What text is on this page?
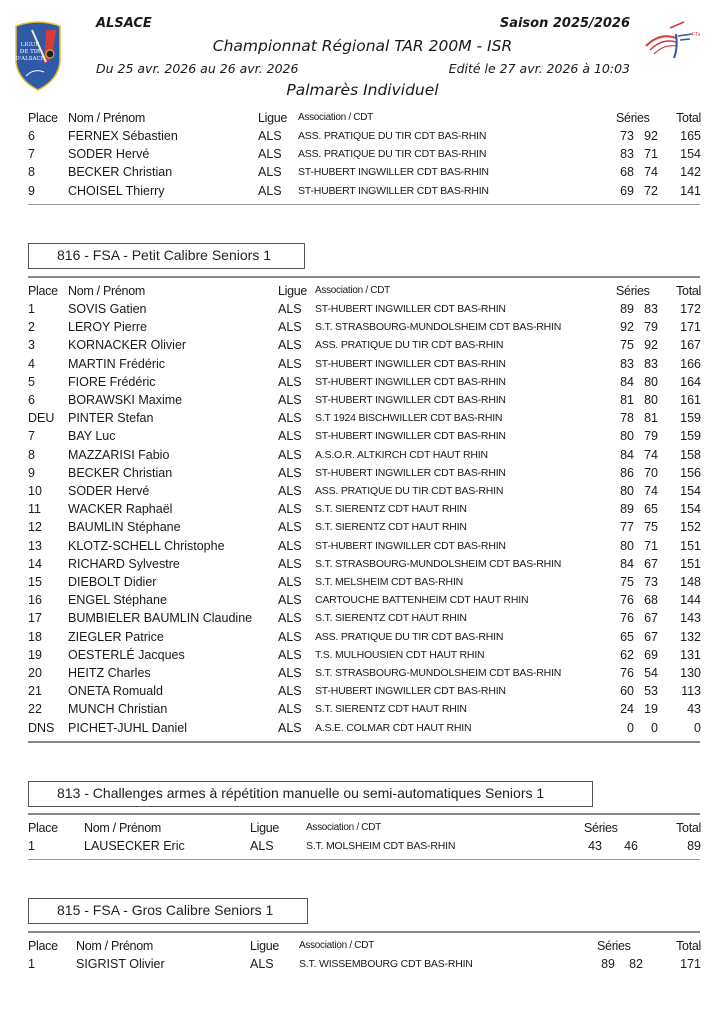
LIGUE
DE TIR
D'ALSACE
FTir
ALSACE	Saison 2025/2026
Championnat Régional TAR 200M - ISR
Du 25 avr. 2026 au 26 avr. 2026	Edité le 27 avr. 2026 à 10:03
Palmarès Individuel
Place Nom / Prénom	Ligue Association / CDT	Séries	Total
6	FERNEX Sébastien	ALS ASS. PRATIQUE DU TIR CDT BAS-RHIN	73 92	165
7	SODER Hervé	ALS ASS. PRATIQUE DU TIR CDT BAS-RHIN	83 71	154
8	BECKER Christian	ALS ST-HUBERT INGWILLER CDT BAS-RHIN	68 74	142
9	CHOISEL Thierry	ALS ST-HUBERT INGWILLER CDT BAS-RHIN	69 72	141
816 - FSA - Petit Calibre Seniors 1
Place Nom / Prénom	Ligue Association / CDT	Séries	Total
1	SOVIS Gatien	ALS ST-HUBERT INGWILLER CDT BAS-RHIN	89 83	172
2	LEROY Pierre	ALS S.T. STRASBOURG-MUNDOLSHEIM CDT BAS-RHIN	92 79	171
3	KORNACKER Olivier	ALS ASS. PRATIQUE DU TIR CDT BAS-RHIN	75 92	167
4	MARTIN Frédéric	ALS ST-HUBERT INGWILLER CDT BAS-RHIN	83 83	166
5	FIORE Frédéric	ALS ST-HUBERT INGWILLER CDT BAS-RHIN	84 80	164
6	BORAWSKI Maxime	ALS ST-HUBERT INGWILLER CDT BAS-RHIN	81 80	161
DEU PINTER Stefan	ALS S.T 1924 BISCHWILLER CDT BAS-RHIN	78 81	159
7	BAY Luc	ALS ST-HUBERT INGWILLER CDT BAS-RHIN	80 79	159
8	MAZZARISI Fabio	ALS A.S.O.R. ALTKIRCH CDT HAUT RHIN	84 74	158
9	BECKER Christian	ALS ST-HUBERT INGWILLER CDT BAS-RHIN	86 70	156
10 SODER Hervé	ALS ASS. PRATIQUE DU TIR CDT BAS-RHIN	80 74	154
11 WACKER Raphaël	ALS S.T. SIERENTZ CDT HAUT RHIN	89 65	154
12 BAUMLIN Stéphane	ALS S.T. SIERENTZ CDT HAUT RHIN	77 75	152
13 KLOTZ-SCHELL Christophe	ALS ST-HUBERT INGWILLER CDT BAS-RHIN	80 71	151
14 RICHARD Sylvestre	ALS S.T. STRASBOURG-MUNDOLSHEIM CDT BAS-RHIN	84 67	151
15 DIEBOLT Didier	ALS S.T. MELSHEIM CDT BAS-RHIN	75 73	148
16 ENGEL Stéphane	ALS CARTOUCHE BATTENHEIM CDT HAUT RHIN	76 68	144
17 BUMBIELER BAUMLIN Claudine ALS S.T. SIERENTZ CDT HAUT RHIN	76 67	143
18 ZIEGLER Patrice	ALS ASS. PRATIQUE DU TIR CDT BAS-RHIN	65 67	132
19 OESTERLÉ Jacques	ALS T.S. MULHOUSIEN CDT HAUT RHIN	62 69	131
20 HEITZ Charles	ALS S.T. STRASBOURG-MUNDOLSHEIM CDT BAS-RHIN	76 54	130
21 ONETA Romuald	ALS ST-HUBERT INGWILLER CDT BAS-RHIN	60 53	113
22 MUNCH Christian	ALS S.T. SIERENTZ CDT HAUT RHIN	24 19	43
DNS PICHET-JUHL Daniel	ALS A.S.E. COLMAR CDT HAUT RHIN	0	0	0
813 - Challenges armes à répétition manuelle ou semi-automatiques Seniors 1
Place Nom / Prénom	Ligue	Association / CDT	Séries	Total
1	LAUSECKER Eric	ALS	S.T. MOLSHEIM CDT BAS-RHIN	43	46	89
815 - FSA - Gros Calibre Seniors 1
Place Nom / Prénom	Ligue Association / CDT	Séries	Total
1	SIGRIST Olivier	ALS S.T. WISSEMBOURG CDT BAS-RHIN	89	82	171
